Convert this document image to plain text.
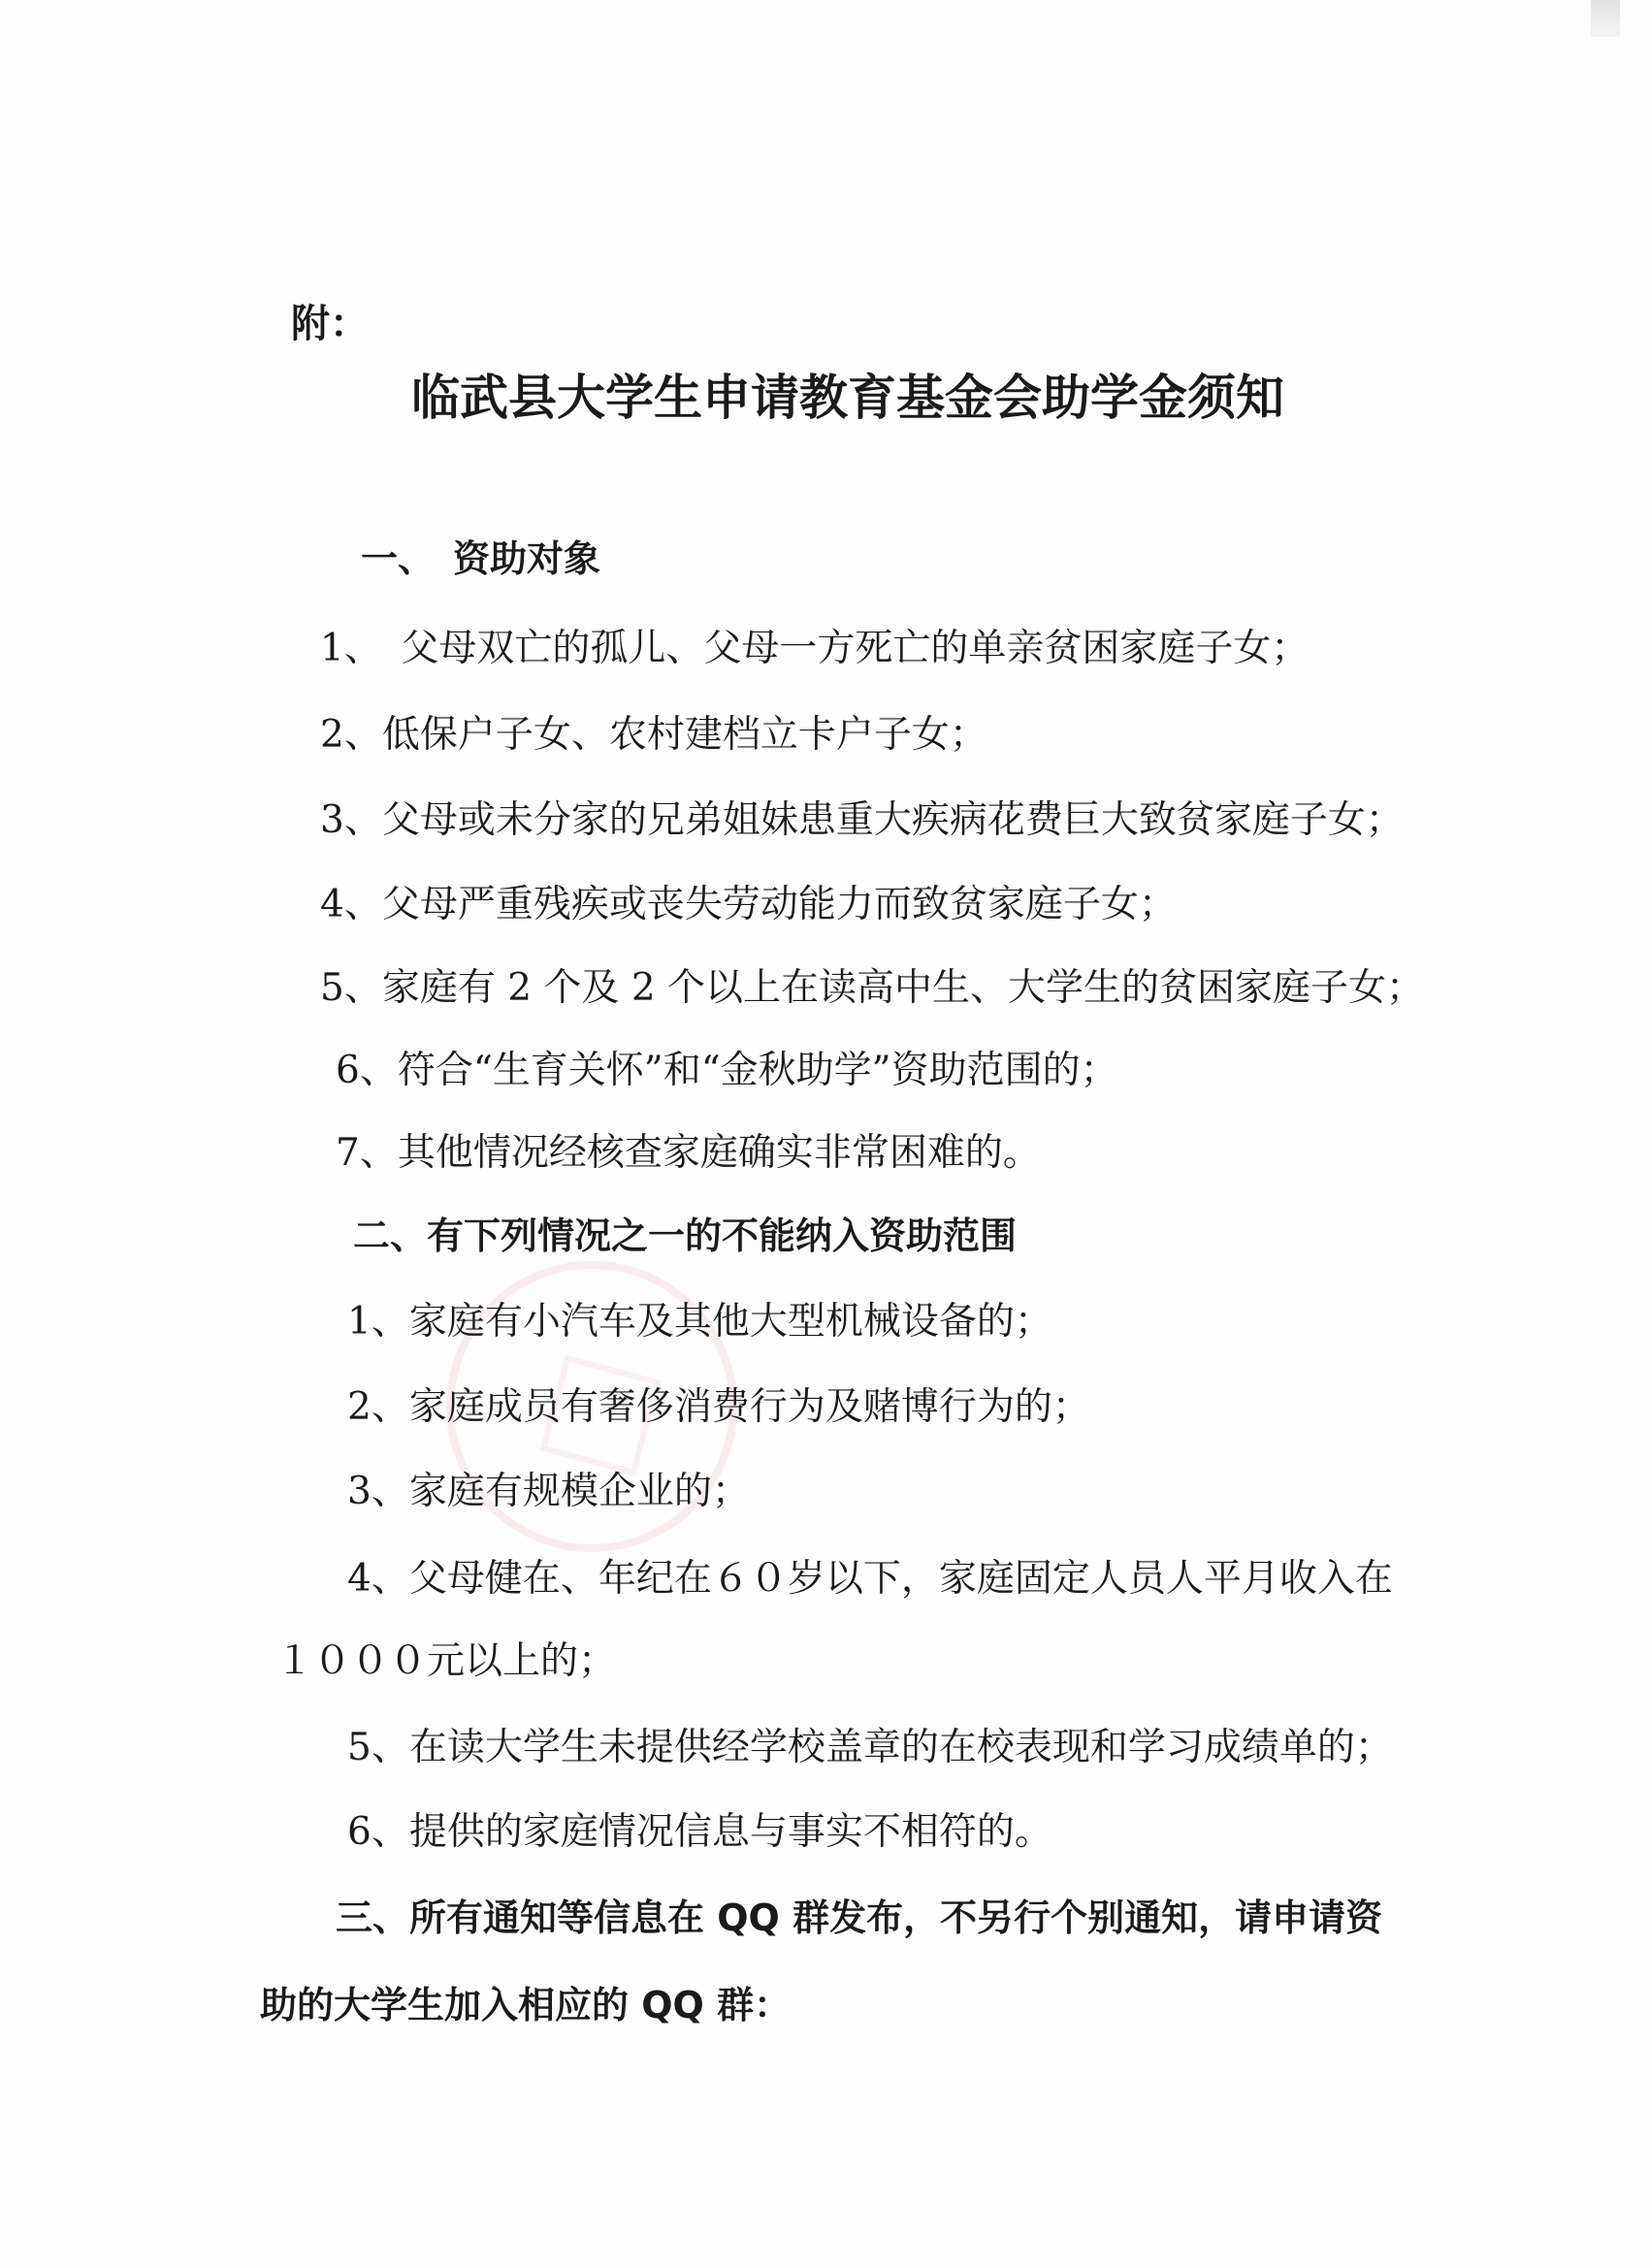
附：
临武县大学生申请教育基金会助学金须知
一、　资助对象
1、　父母双亡的孤儿、父母一方死亡的单亲贫困家庭子女；
2、低保户子女、农村建档立卡户子女；
3、父母或未分家的兄弟姐妹患重大疾病花费巨大致贫家庭子女；
4、父母严重残疾或丧失劳动能力而致贫家庭子女；
5、家庭有 2 个及 2 个以上在读高中生、大学生的贫困家庭子女；
6、符合“生育关怀”和“金秋助学”资助范围的；
7、其他情况经核查家庭确实非常困难的。
二、有下列情况之一的不能纳入资助范围
1、家庭有小汽车及其他大型机械设备的；
2、家庭成员有奢侈消费行为及赌博行为的；
3、家庭有规模企业的；
4、父母健在、年纪在６０岁以下，家庭固定人员人平月收入在
１０００元以上的；
5、在读大学生未提供经学校盖章的在校表现和学习成绩单的；
6、提供的家庭情况信息与事实不相符的。
三、所有通知等信息在 QQ 群发布，不另行个别通知，请申请资
助的大学生加入相应的 QQ 群：
